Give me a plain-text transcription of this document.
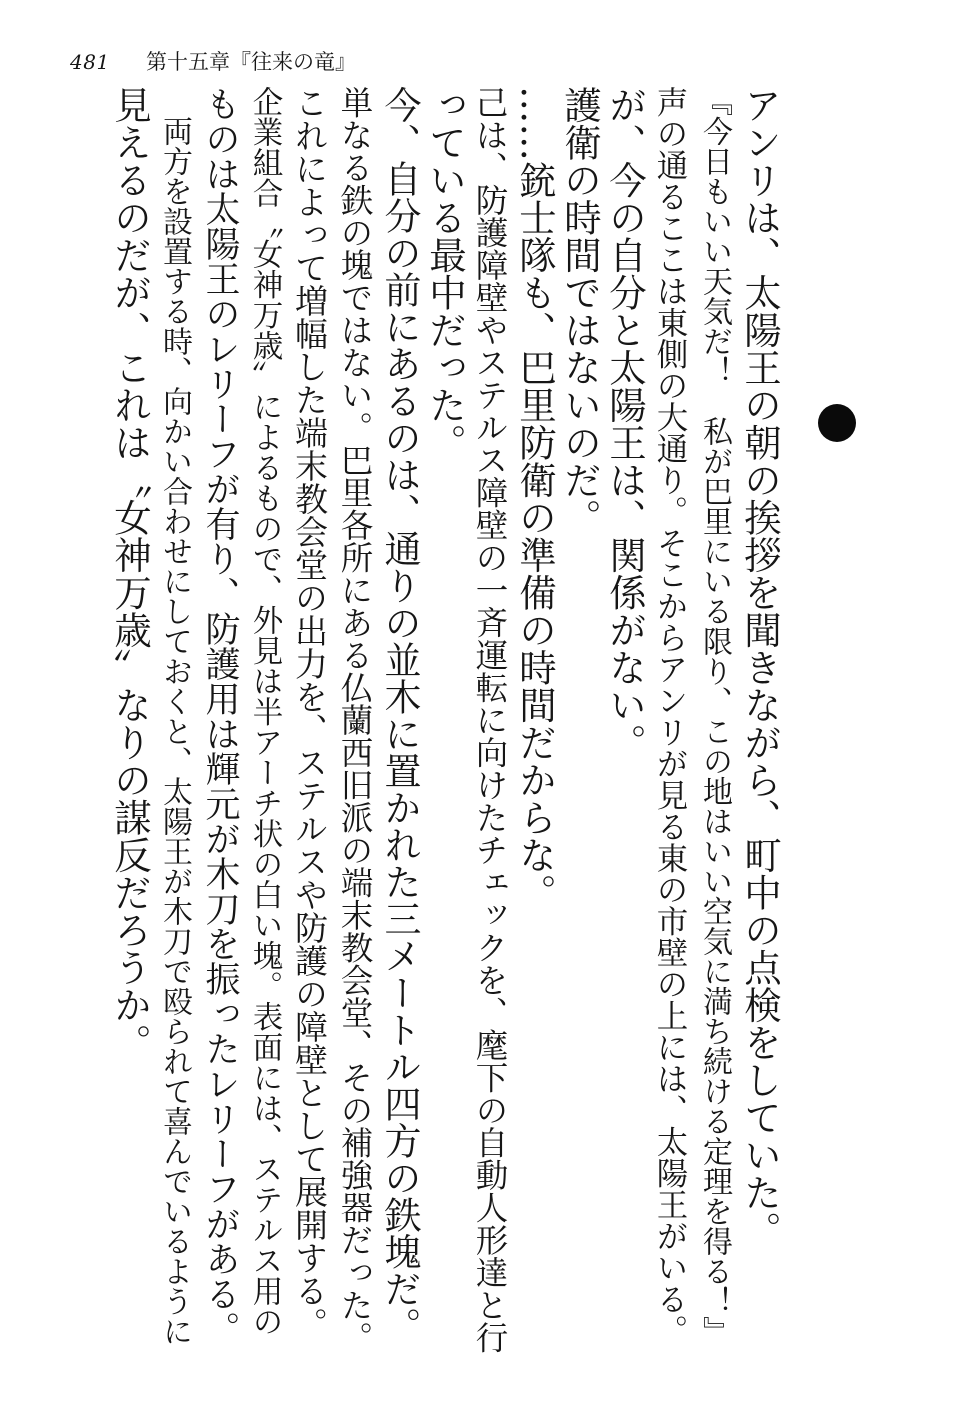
481 第十五章『往来の竜』
アンリは、太陽王の朝の挨拶を聞きながら、町中の点検をしていた。
『今日もいい天気だ！　私が巴里にいる限り、この地はいい空気に満ち続ける定理を得る！』
声の通るここは東側の大通り。そこからアンリが見る東の市壁の上には、太陽王がいる。
が、今の自分と太陽王は、関係がない。
護衛の時間ではないのだ。
……銃士隊も、巴里防衛の準備の時間だからな。
己は、防護障壁やステルス障壁の一斉運転に向けたチェックを、麾下の自動人形達と行
っている最中だった。
今、自分の前にあるのは、通りの並木に置かれた三メートル四方の鉄塊だ。
単なる鉄の塊ではない。巴里各所にある仏蘭西旧派の端末教会堂、その補強器だった。
これによって増幅した端末教会堂の出力を、ステルスや防護の障壁として展開する。
企業組合〝女神万歳〟によるもので、外見は半アーチ状の白い塊。表面には、ステルス用の
ものは太陽王のレリーフが有り、防護用は輝元が木刀を振ったレリーフがある。
　両方を設置する時、向かい合わせにしておくと、太陽王が木刀で殴られて喜んでいるように
見えるのだが、これは〝女神万歳〟なりの謀反だろうか。
